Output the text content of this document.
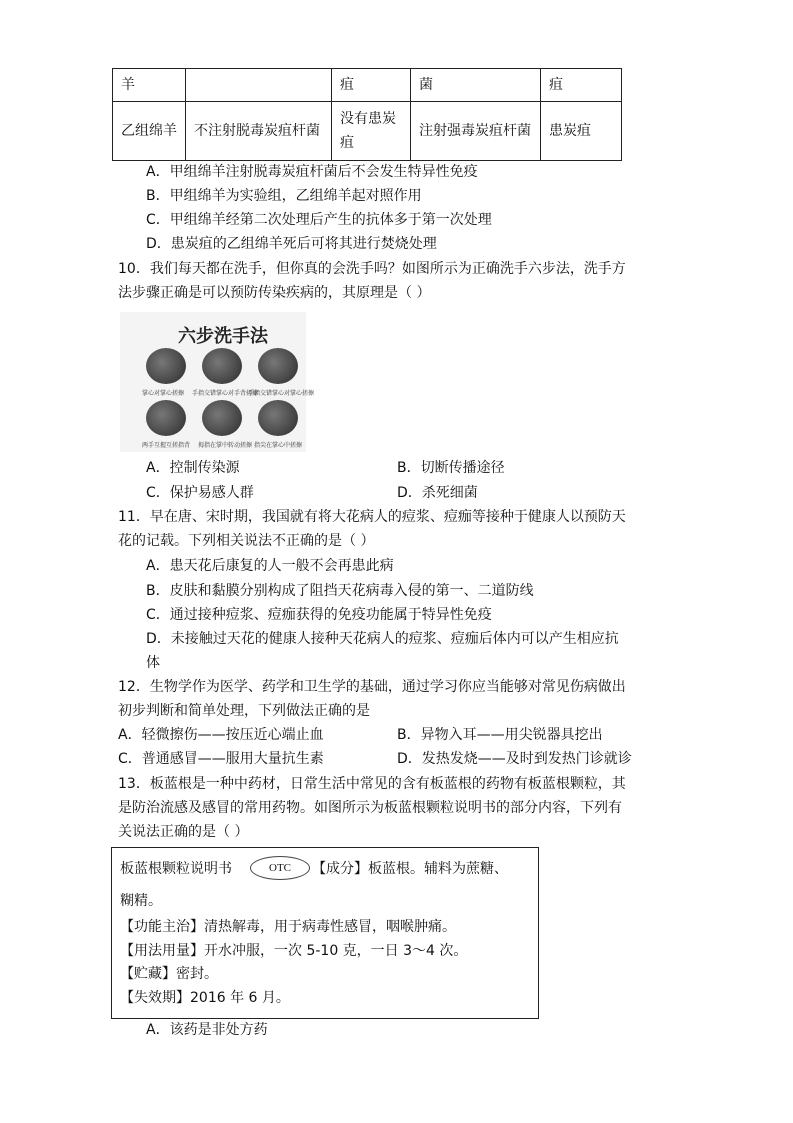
羊		疽	菌	疽
乙组绵羊	不注射脱毒炭疽杆菌	没有患炭疽	注射强毒炭疽杆菌	患炭疽
A．甲组绵羊注射脱毒炭疽杆菌后不会发生特异性免疫
B．甲组绵羊为实验组，乙组绵羊起对照作用
C．甲组绵羊经第二次处理后产生的抗体多于第一次处理
D．患炭疽的乙组绵羊死后可将其进行焚烧处理
10．我们每天都在洗手，但你真的会洗手吗？如图所示为正确洗手六步法，洗手方
法步骤正确是可以预防传染疾病的，其原理是（ ）
六步洗手法
掌心对掌心搓擦 手指交错掌心对手背搓擦
手指交错掌心对掌心搓擦
两手互握互搓指背 拇指在掌中转动搓擦 指尖在掌心中搓擦
A．控制传染源	B．切断传播途径
C．保护易感人群	D．杀死细菌
11．早在唐、宋时期，我国就有将大花病人的痘浆、痘痂等接种于健康人以预防天
花的记载。下列相关说法不正确的是（ ）
A．患天花后康复的人一般不会再患此病
B．皮肤和黏膜分别构成了阻挡天花病毒入侵的第一、二道防线
C．通过接种痘浆、痘痂获得的免疫功能属于特异性免疫
D．未接触过天花的健康人接种天花病人的痘浆、痘痂后体内可以产生相应抗
体
12．生物学作为医学、药学和卫生学的基础，通过学习你应当能够对常见伤病做出
初步判断和简单处理，下列做法正确的是
A．轻微擦伤——按压近心端止血	B．异物入耳——用尖锐器具挖出
C．普通感冒——服用大量抗生素	D．发热发烧——及时到发热门诊就诊
13．板蓝根是一种中药材，日常生活中常见的含有板蓝根的药物有板蓝根颗粒，其
是防治流感及感冒的常用药物。如图所示为板蓝根颗粒说明书的部分内容，下列有
关说法正确的是（ ）
板蓝根颗粒说明书	OTC	【成分】板蓝根。辅料为蔗糖、
糊精。
【功能主治】清热解毒，用于病毒性感冒，咽喉肿痛。
【用法用量】开水冲服，一次 5-10 克，一日 3～4 次。
【贮藏】密封。
【失效期】2016 年 6 月。
A．该药是非处方药
